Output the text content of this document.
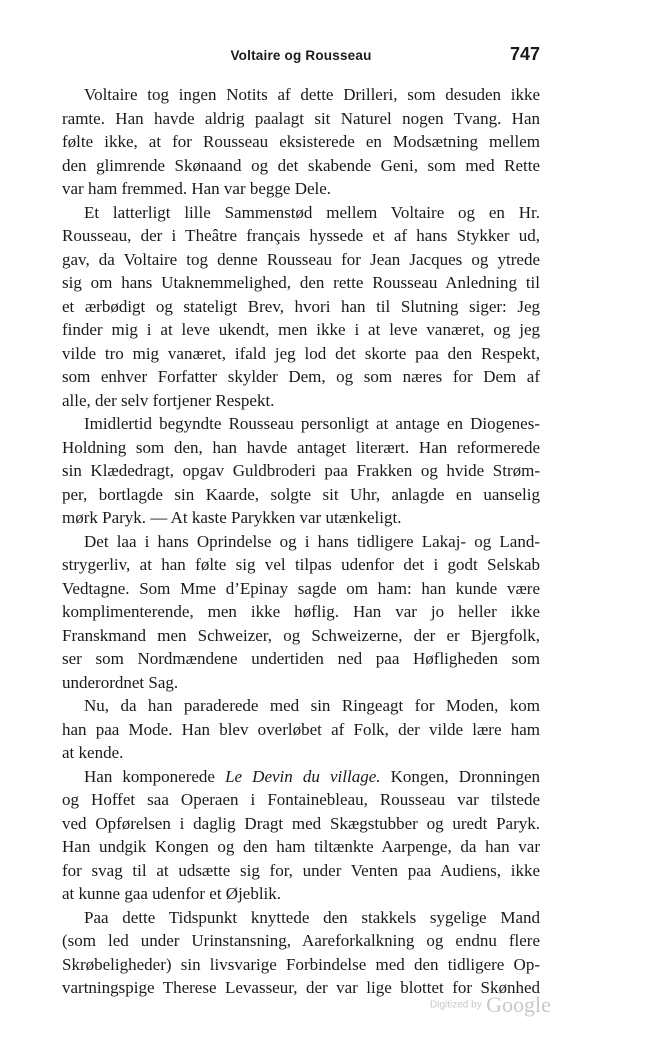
Voltaire og Rousseau	747
Voltaire tog ingen Notits af dette Drilleri, som desuden ikke
ramte. Han havde aldrig paalagt sit Naturel nogen Tvang. Han
følte ikke, at for Rousseau eksisterede en Modsætning mellem
den glimrende Skønaand og det skabende Geni, som med Rette
var ham fremmed. Han var begge Dele.
Et latterligt lille Sammenstød mellem Voltaire og en Hr.
Rousseau, der i Theâtre français hyssede et af hans Stykker ud,
gav, da Voltaire tog denne Rousseau for Jean Jacques og ytrede
sig om hans Utaknemmelighed, den rette Rousseau Anledning til
et ærbødigt og stateligt Brev, hvori han til Slutning siger: Jeg
finder mig i at leve ukendt, men ikke i at leve vanæret, og jeg
vilde tro mig vanæret, ifald jeg lod det skorte paa den Respekt,
som enhver Forfatter skylder Dem, og som næres for Dem af
alle, der selv fortjener Respekt.
Imidlertid begyndte Rousseau personligt at antage en Diogenes-
Holdning som den, han havde antaget literært. Han reformerede
sin Klædedragt, opgav Guldbroderi paa Frakken og hvide Strøm-
per, bortlagde sin Kaarde, solgte sit Uhr, anlagde en uanselig
mørk Paryk. — At kaste Parykken var utænkeligt.
Det laa i hans Oprindelse og i hans tidligere Lakaj- og Land-
strygerliv, at han følte sig vel tilpas udenfor det i godt Selskab
Vedtagne. Som Mme d’Epinay sagde om ham: han kunde være
komplimenterende, men ikke høflig. Han var jo heller ikke
Franskmand men Schweizer, og Schweizerne, der er Bjergfolk,
ser som Nordmændene undertiden ned paa Høfligheden som
underordnet Sag.
Nu, da han paraderede med sin Ringeagt for Moden, kom
han paa Mode. Han blev overløbet af Folk, der vilde lære ham
at kende.
Han komponerede Le Devin du village. Kongen, Dronningen
og Hoffet saa Operaen i Fontainebleau, Rousseau var tilstede
ved Opførelsen i daglig Dragt med Skægstubber og uredt Paryk.
Han undgik Kongen og den ham tiltænkte Aarpenge, da han var
for svag til at udsætte sig for, under Venten paa Audiens, ikke
at kunne gaa udenfor et Øjeblik.
Paa dette Tidspunkt knyttede den stakkels sygelige Mand
(som led under Urinstansning, Aareforkalkning og endnu flere
Skrøbeligheder) sin livsvarige Forbindelse med den tidligere Op-
vartningspige Therese Levasseur, der var lige blottet for Skønhed
Digitized by Google
